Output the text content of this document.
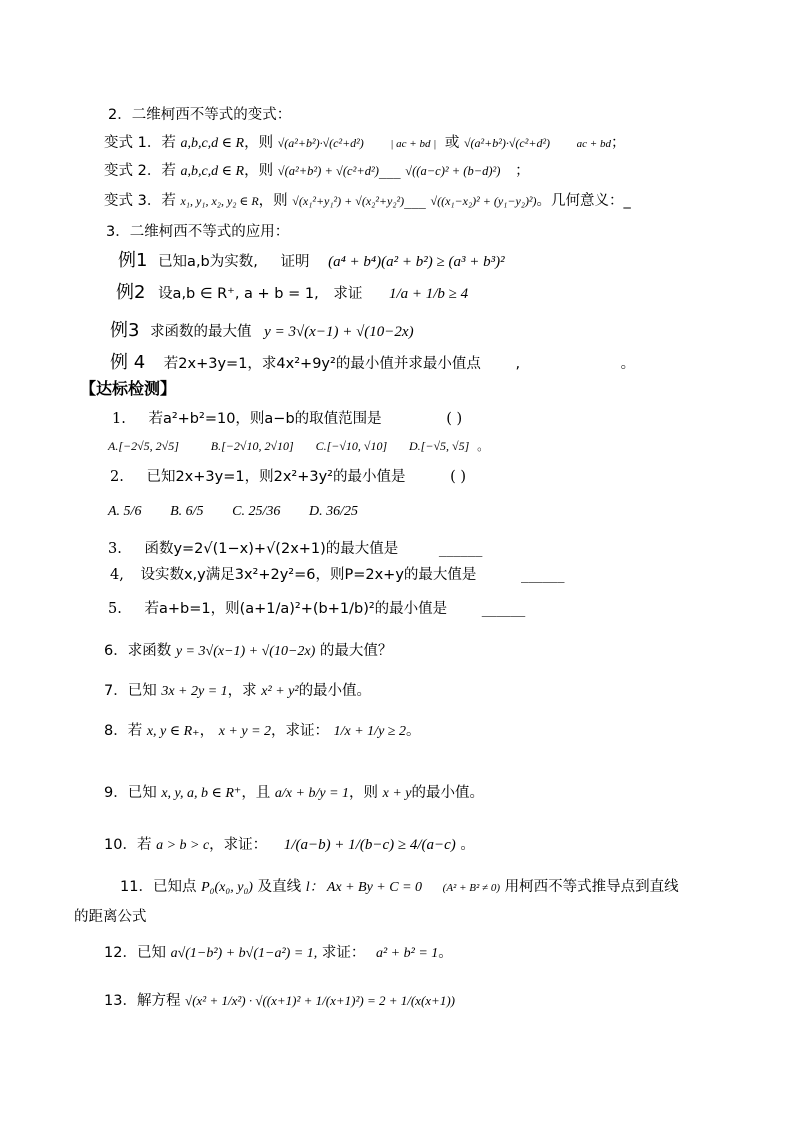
2．二维柯西不等式的变式：
变式 1．若 a,b,c,d ∈ R，则 √(a²+b²)·√(c²+d²) | ac + bd | 或 √(a²+b²)·√(c²+d²) ac + bd；
变式 2．若 a,b,c,d ∈ R，则 √(a²+b²) + √(c²+d²)___ √((a−c)² + (b−d)²) ；
变式 3．若 x₁, y₁, x₂, y₂ ∈ R，则 √(x₁²+y₁²) + √(x₂²+y₂²)___ √((x₁−x₂)² + (y₁−y₂)²)。几何意义：_
3．二维柯西不等式的应用：
例1 已知a,b为实数, 证明 (a⁴ + b⁴)(a² + b²) ≥ (a³ + b³)²
例2 设a,b ∈ R⁺, a + b = 1, 求证 1/a + 1/b ≥ 4
例3 求函数的最大值 y = 3√(x−1) + √(10−2x)
例 4 若2x+3y=1，求4x²+9y²的最小值并求最小值点 ,	。
【达标检测】
1. 若a²+b²=10，则a−b的取值范围是	( )
A.[−2√5, 2√5]	B.[−2√10, 2√10] C.[−√10, √10] D.[−√5, √5] 。
2. 已知2x+3y=1，则2x²+3y²的最小值是	( )
A. 5/6 B. 6/5 C. 25/36 D. 36/25
3. 函数y=2√(1−x)+√(2x+1)的最大值是	______
4, 设实数x,y满足3x²+2y²=6，则P=2x+y的最大值是	______
5. 若a+b=1，则(a+1/a)²+(b+1/b)²的最小值是 ______
6．求函数 y = 3√(x−1) + √(10−2x) 的最大值？
7．已知 3x + 2y = 1，求 x² + y²的最小值。
8．若 x, y ∈ R₊， x + y = 2，求证： 1/x + 1/y ≥ 2。
9．已知 x, y, a, b ∈ R⁺，且 a/x + b/y = 1，则 x + y的最小值。
10．若 a > b > c，求证： 1/(a−b) + 1/(b−c) ≥ 4/(a−c) 。
11．已知点 P₀(x₀, y₀) 及直线 l： Ax + By + C = 0 (A² + B² ≠ 0) 用柯西不等式推导点到直线
的距离公式
12．已知 a√(1−b²) + b√(1−a²) = 1, 求证： a² + b² = 1。
13．解方程 √(x² + 1/x²) · √((x+1)² + 1/(x+1)²) = 2 + 1/(x(x+1))
